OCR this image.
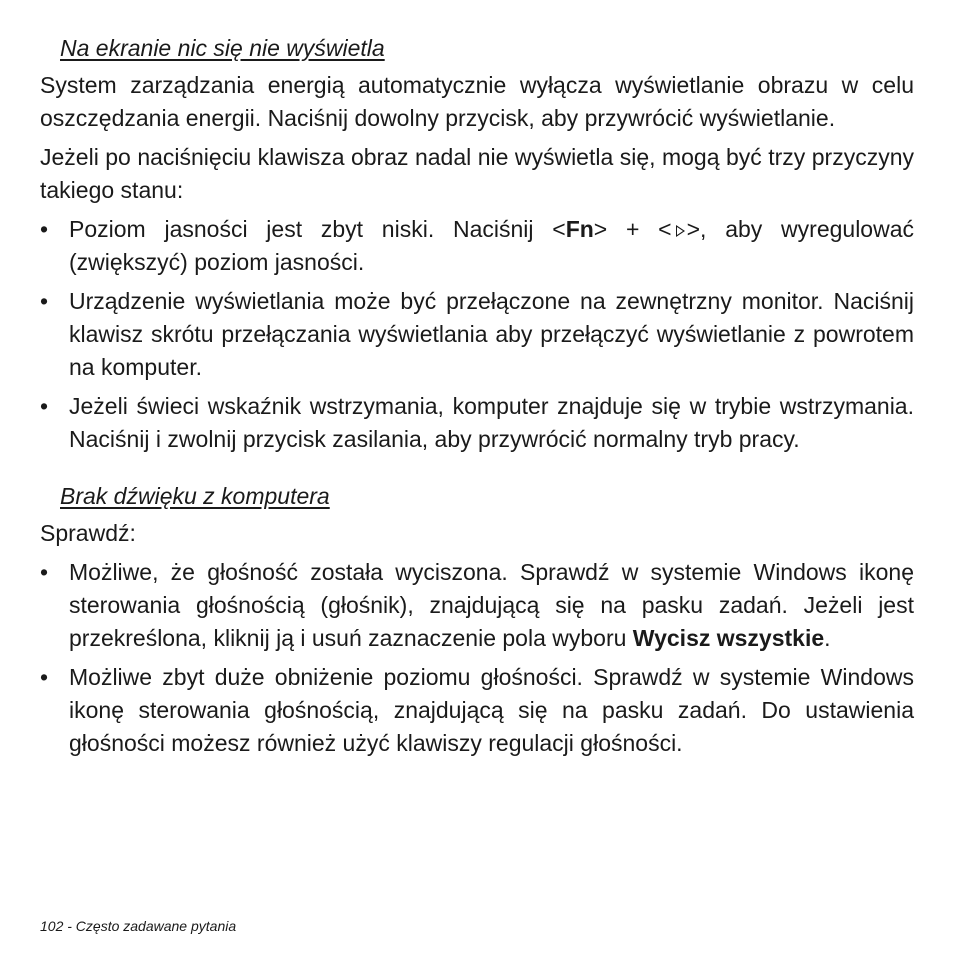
Na ekranie nic się nie wyświetla

System zarządzania energią automatycznie wyłącza wyświetlanie obrazu w celu oszczędzania energii. Naciśnij dowolny przycisk, aby przywrócić wyświetlanie.

Jeżeli po naciśnięciu klawisza obraz nadal nie wyświetla się, mogą być trzy przyczyny takiego stanu:

• Poziom jasności jest zbyt niski. Naciśnij <Fn> + < >, aby wyregulować (zwiększyć) poziom jasności.
• Urządzenie wyświetlania może być przełączone na zewnętrzny monitor. Naciśnij klawisz skrótu przełączania wyświetlania aby przełączyć wyświetlanie z powrotem na komputer.
• Jeżeli świeci wskaźnik wstrzymania, komputer znajduje się w trybie wstrzymania. Naciśnij i zwolnij przycisk zasilania, aby przywrócić normalny tryb pracy.
Brak dźwięku z komputera

Sprawdź:

• Możliwe, że głośność została wyciszona. Sprawdź w systemie Windows ikonę sterowania głośnością (głośnik), znajdującą się na pasku zadań. Jeżeli jest przekreślona, kliknij ją i usuń zaznaczenie pola wyboru Wycisz wszystkie.
• Możliwe zbyt duże obniżenie poziomu głośności. Sprawdź w systemie Windows ikonę sterowania głośnością, znajdującą się na pasku zadań. Do ustawienia głośności możesz również użyć klawiszy regulacji głośności.
102 - Często zadawane pytania
